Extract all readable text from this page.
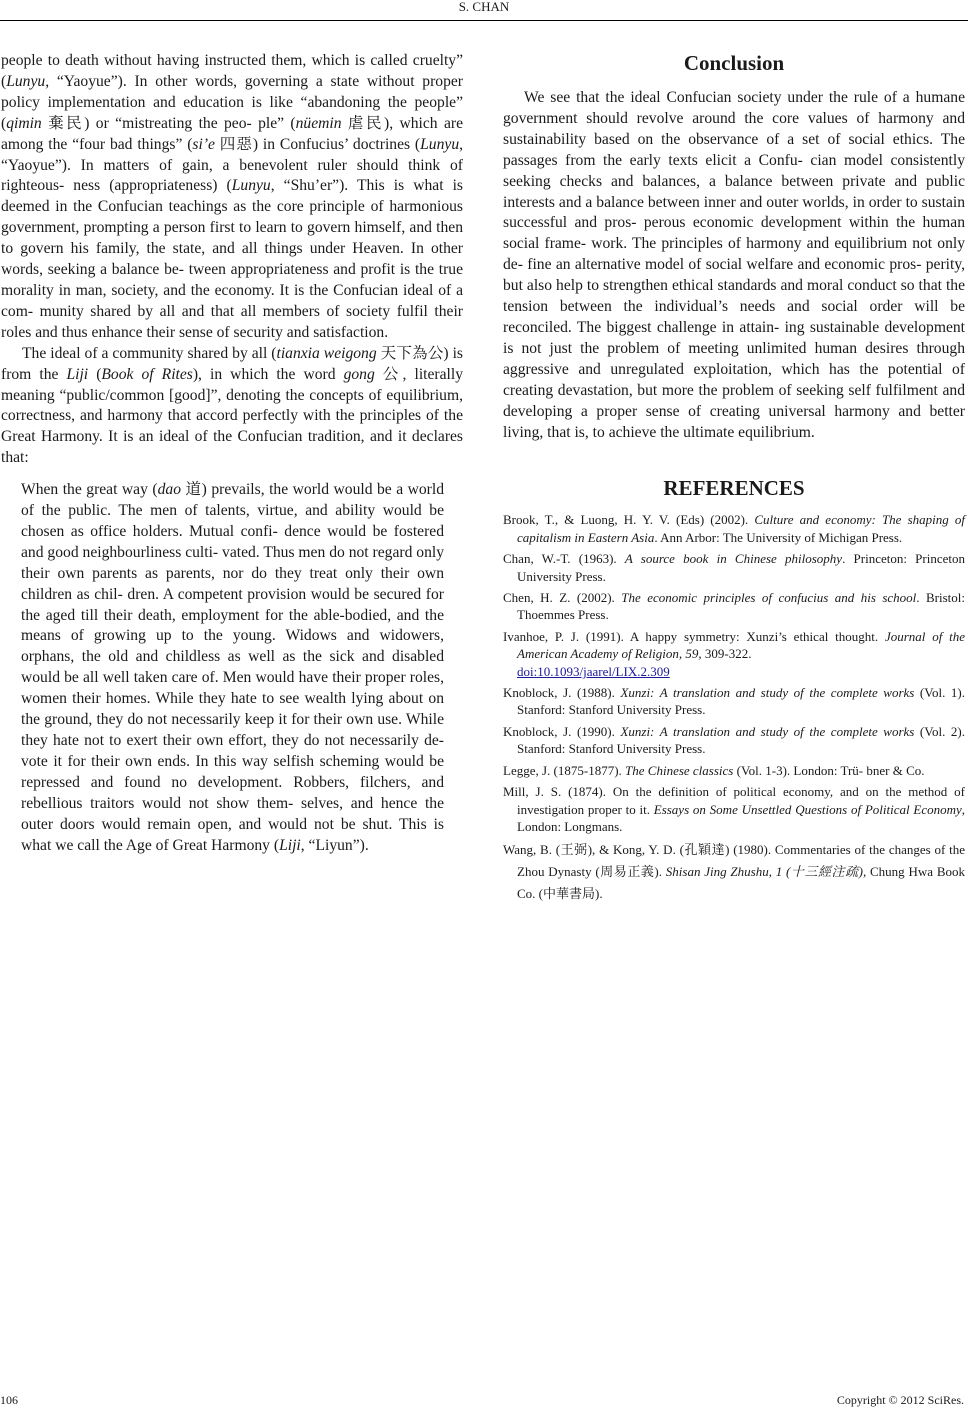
S. CHAN

people to death without having instructed them, which is called cruelty” (Lunyu, “Yaoyue”). In other words, governing a state without proper policy implementation and education is like “abandoning the people” (qimin 棄民) or “mistreating the peo- ple” (nüemin 虐民), which are among the “four bad things” (si’e 四惡) in Confucius’ doctrines (Lunyu, “Yaoyue”). In matters of gain, a benevolent ruler should think of righteous- ness (appropriateness) (Lunyu, “Shu’er”). This is what is deemed in the Confucian teachings as the core principle of harmonious government, prompting a person first to learn to govern himself, and then to govern his family, the state, and all things under Heaven. In other words, seeking a balance be- tween appropriateness and profit is the true morality in man, society, and the economy. It is the Confucian ideal of a com- munity shared by all and that all members of society fulfil their roles and thus enhance their sense of security and satisfaction.

The ideal of a community shared by all (tianxia weigong 天下為公) is from the Liji (Book of Rites), in which the word gong 公, literally meaning “public/common [good]”, denoting the concepts of equilibrium, correctness, and harmony that accord perfectly with the principles of the Great Harmony. It is an ideal of the Confucian tradition, and it declares that:

When the great way (dao 道) prevails, the world would be a world of the public. The men of talents, virtue, and ability would be chosen as office holders. Mutual confi- dence would be fostered and good neighbourliness culti- vated. Thus men do not regard only their own parents as parents, nor do they treat only their own children as chil- dren. A competent provision would be secured for the aged till their death, employment for the able-bodied, and the means of growing up to the young. Widows and widowers, orphans, the old and childless as well as the sick and disabled would be all well taken care of. Men would have their proper roles, women their homes. While they hate to see wealth lying about on the ground, they do not necessarily keep it for their own use. While they hate not to exert their own effort, they do not necessarily de- vote it for their own ends. In this way selfish scheming would be repressed and found no development. Robbers, filchers, and rebellious traitors would not show them- selves, and hence the outer doors would remain open, and would not be shut. This is what we call the Age of Great Harmony (Liji, “Liyun”).

Conclusion

We see that the ideal Confucian society under the rule of a humane government should revolve around the core values of harmony and sustainability based on the observance of a set of social ethics. The passages from the early texts elicit a Confu- cian model consistently seeking checks and balances, a balance between private and public interests and a balance between inner and outer worlds, in order to sustain successful and pros- perous economic development within the human social frame- work. The principles of harmony and equilibrium not only de- fine an alternative model of social welfare and economic pros- perity, but also help to strengthen ethical standards and moral conduct so that the tension between the individual’s needs and social order will be reconciled. The biggest challenge in attain- ing sustainable development is not just the problem of meeting unlimited human desires through aggressive and unregulated exploitation, which has the potential of creating devastation, but more the problem of seeking self fulfilment and developing a proper sense of creating universal harmony and better living, that is, to achieve the ultimate equilibrium.

REFERENCES

Brook, T., & Luong, H. Y. V. (Eds) (2002). Culture and economy: The shaping of capitalism in Eastern Asia. Ann Arbor: The University of Michigan Press.

Chan, W.-T. (1963). A source book in Chinese philosophy. Princeton: Princeton University Press.

Chen, H. Z. (2002). The economic principles of confucius and his school. Bristol: Thoemmes Press.

Ivanhoe, P. J. (1991). A happy symmetry: Xunzi’s ethical thought. Journal of the American Academy of Religion, 59, 309-322.
doi:10.1093/jaarel/LIX.2.309

Knoblock, J. (1988). Xunzi: A translation and study of the complete works (Vol. 1). Stanford: Stanford University Press.

Knoblock, J. (1990). Xunzi: A translation and study of the complete works (Vol. 2). Stanford: Stanford University Press.

Legge, J. (1875-1877). The Chinese classics (Vol. 1-3). London: Trü- bner & Co.

Mill, J. S. (1874). On the definition of political economy, and on the method of investigation proper to it. Essays on Some Unsettled Questions of Political Economy, London: Longmans.

Wang, B. (王弼), & Kong, Y. D. (孔穎達) (1980). Commentaries of the changes of the Zhou Dynasty (周易正義). Shisan Jing Zhushu, 1 (十三經注疏), Chung Hwa Book Co. (中華書局).

106	Copyright © 2012 SciRes.
